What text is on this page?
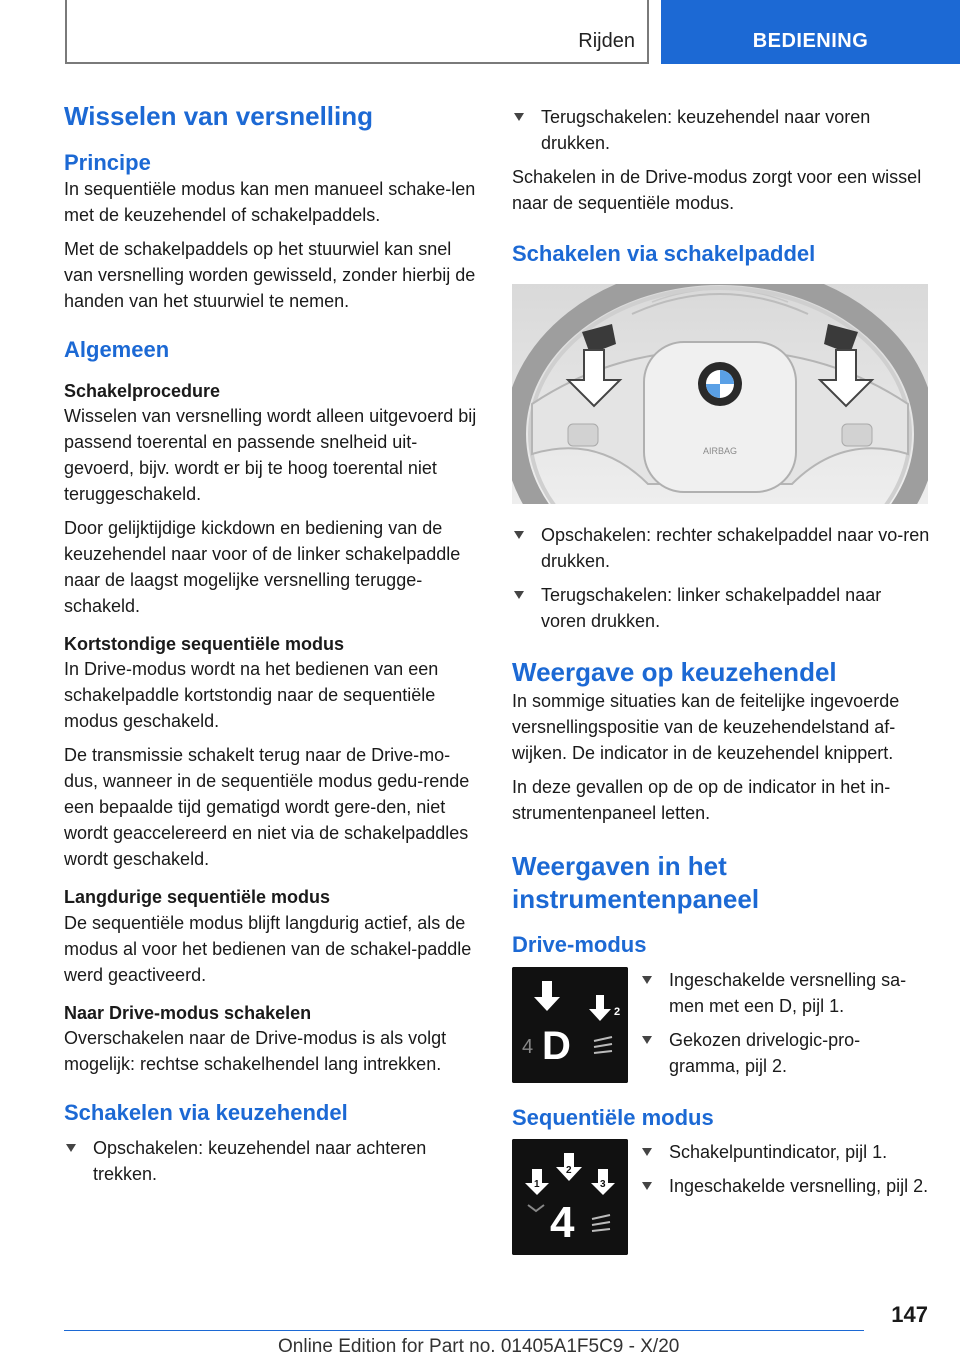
Rijden	BEDIENING
Wisselen van versnelling
Principe

In sequentiële modus kan men manueel schake-len met de keuzehendel of schakelpaddels.

Met de schakelpaddels op het stuurwiel kan snel van versnelling worden gewisseld, zonder hierbij de handen van het stuurwiel te nemen.

Algemeen
Schakelprocedure

Wisselen van versnelling wordt alleen uitgevoerd bij passend toerental en passende snelheid uit-gevoerd, bijv. wordt er bij te hoog toerental niet teruggeschakeld.

Door gelijktijdige kickdown en bediening van de keuzehendel naar voor of de linker schakelpaddle naar de laagst mogelijke versnelling terugge-schakeld.

Kortstondige sequentiële modus

In Drive-modus wordt na het bedienen van een schakelpaddle kortstondig naar de sequentiële modus geschakeld.

De transmissie schakelt terug naar de Drive-mo-dus, wanneer in de sequentiële modus gedu-rende een bepaalde tijd gematigd wordt gere-den, niet wordt geaccelereerd en niet via de schakelpaddles wordt geschakeld.

Langdurige sequentiële modus

De sequentiële modus blijft langdurig actief, als de modus al voor het bedienen van de schakel-paddle werd geactiveerd.

Naar Drive-modus schakelen

Overschakelen naar de Drive-modus is als volgt mogelijk: rechtse schakelhendel lang intrekken.

Schakelen via keuzehendel
Opschakelen: keuzehendel naar achteren trekken.
Terugschakelen: keuzehendel naar voren drukken.

Schakelen in de Drive-modus zorgt voor een wissel naar de sequentiële modus.

Schakelen via schakelpaddel
AIRBAG
Opschakelen: rechter schakelpaddel naar vo-ren drukken.
Terugschakelen: linker schakelpaddel naar voren drukken.
Weergave op keuzehendel

In sommige situaties kan de feitelijke ingevoerde versnellingspositie van de keuzehendelstand af-wijken. De indicator in de keuzehendel knippert.

In deze gevallen op de op de indicator in het in-strumentenpaneel letten.

Weergaven in het instrumentenpaneel
Drive-modus
2
4 D
Ingeschakelde versnelling sa-men met een D, pijl 1.
Gekozen drivelogic-pro-gramma, pijl 2.
Sequentiële modus
2
1	3
4
Schakelpuntindicator, pijl 1.
Ingeschakelde versnelling, pijl 2.
147
Online Edition for Part no. 01405A1F5C9 - X/20
